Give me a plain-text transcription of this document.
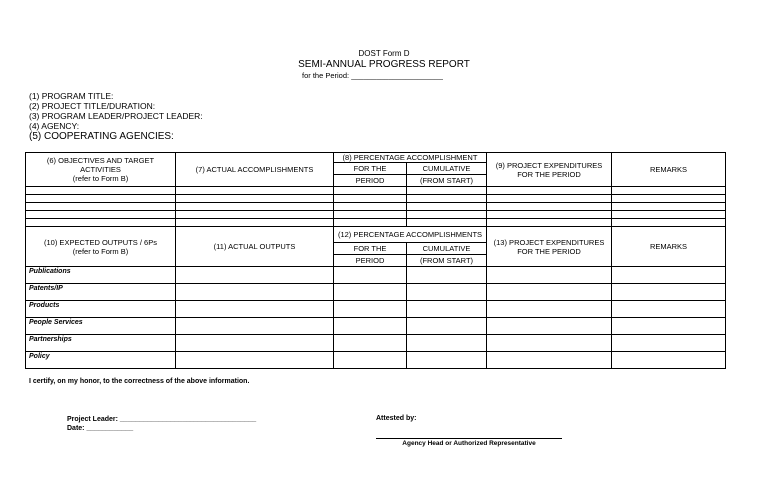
DOST Form D
SEMI-ANNUAL PROGRESS REPORT
for the Period: ______________________
(1) PROGRAM TITLE:
(2) PROJECT TITLE/DURATION:
(3) PROGRAM LEADER/PROJECT LEADER:
(4) AGENCY:
(5) COOPERATING AGENCIES:
(6) OBJECTIVES AND TARGET ACTIVITIES
(refer to Form B)	(7) ACTUAL ACCOMPLISHMENTS	(8) PERCENTAGE ACCOMPLISHMENT		(9) PROJECT EXPENDITURES FOR THE PERIOD	REMARKS
		FOR THE	CUMULATIVE		
		PERIOD	(FROM START)		

(10) EXPECTED OUTPUTS / 6Ps
(refer to Form B)	(11) ACTUAL OUTPUTS	(12) PERCENTAGE ACCOMPLISHMENTS		(13) PROJECT EXPENDITURES FOR THE PERIOD	REMARKS
		FOR THE	CUMULATIVE		
		PERIOD	(FROM START)		
Publications					
Patents/IP					
Products					
People Services					
Partnerships					
Policy					
I certify, on my honor, to the correctness of the above information.
Project Leader: ___________________________________
Date: ____________
Attested by:
Agency Head or Authorized Representative
